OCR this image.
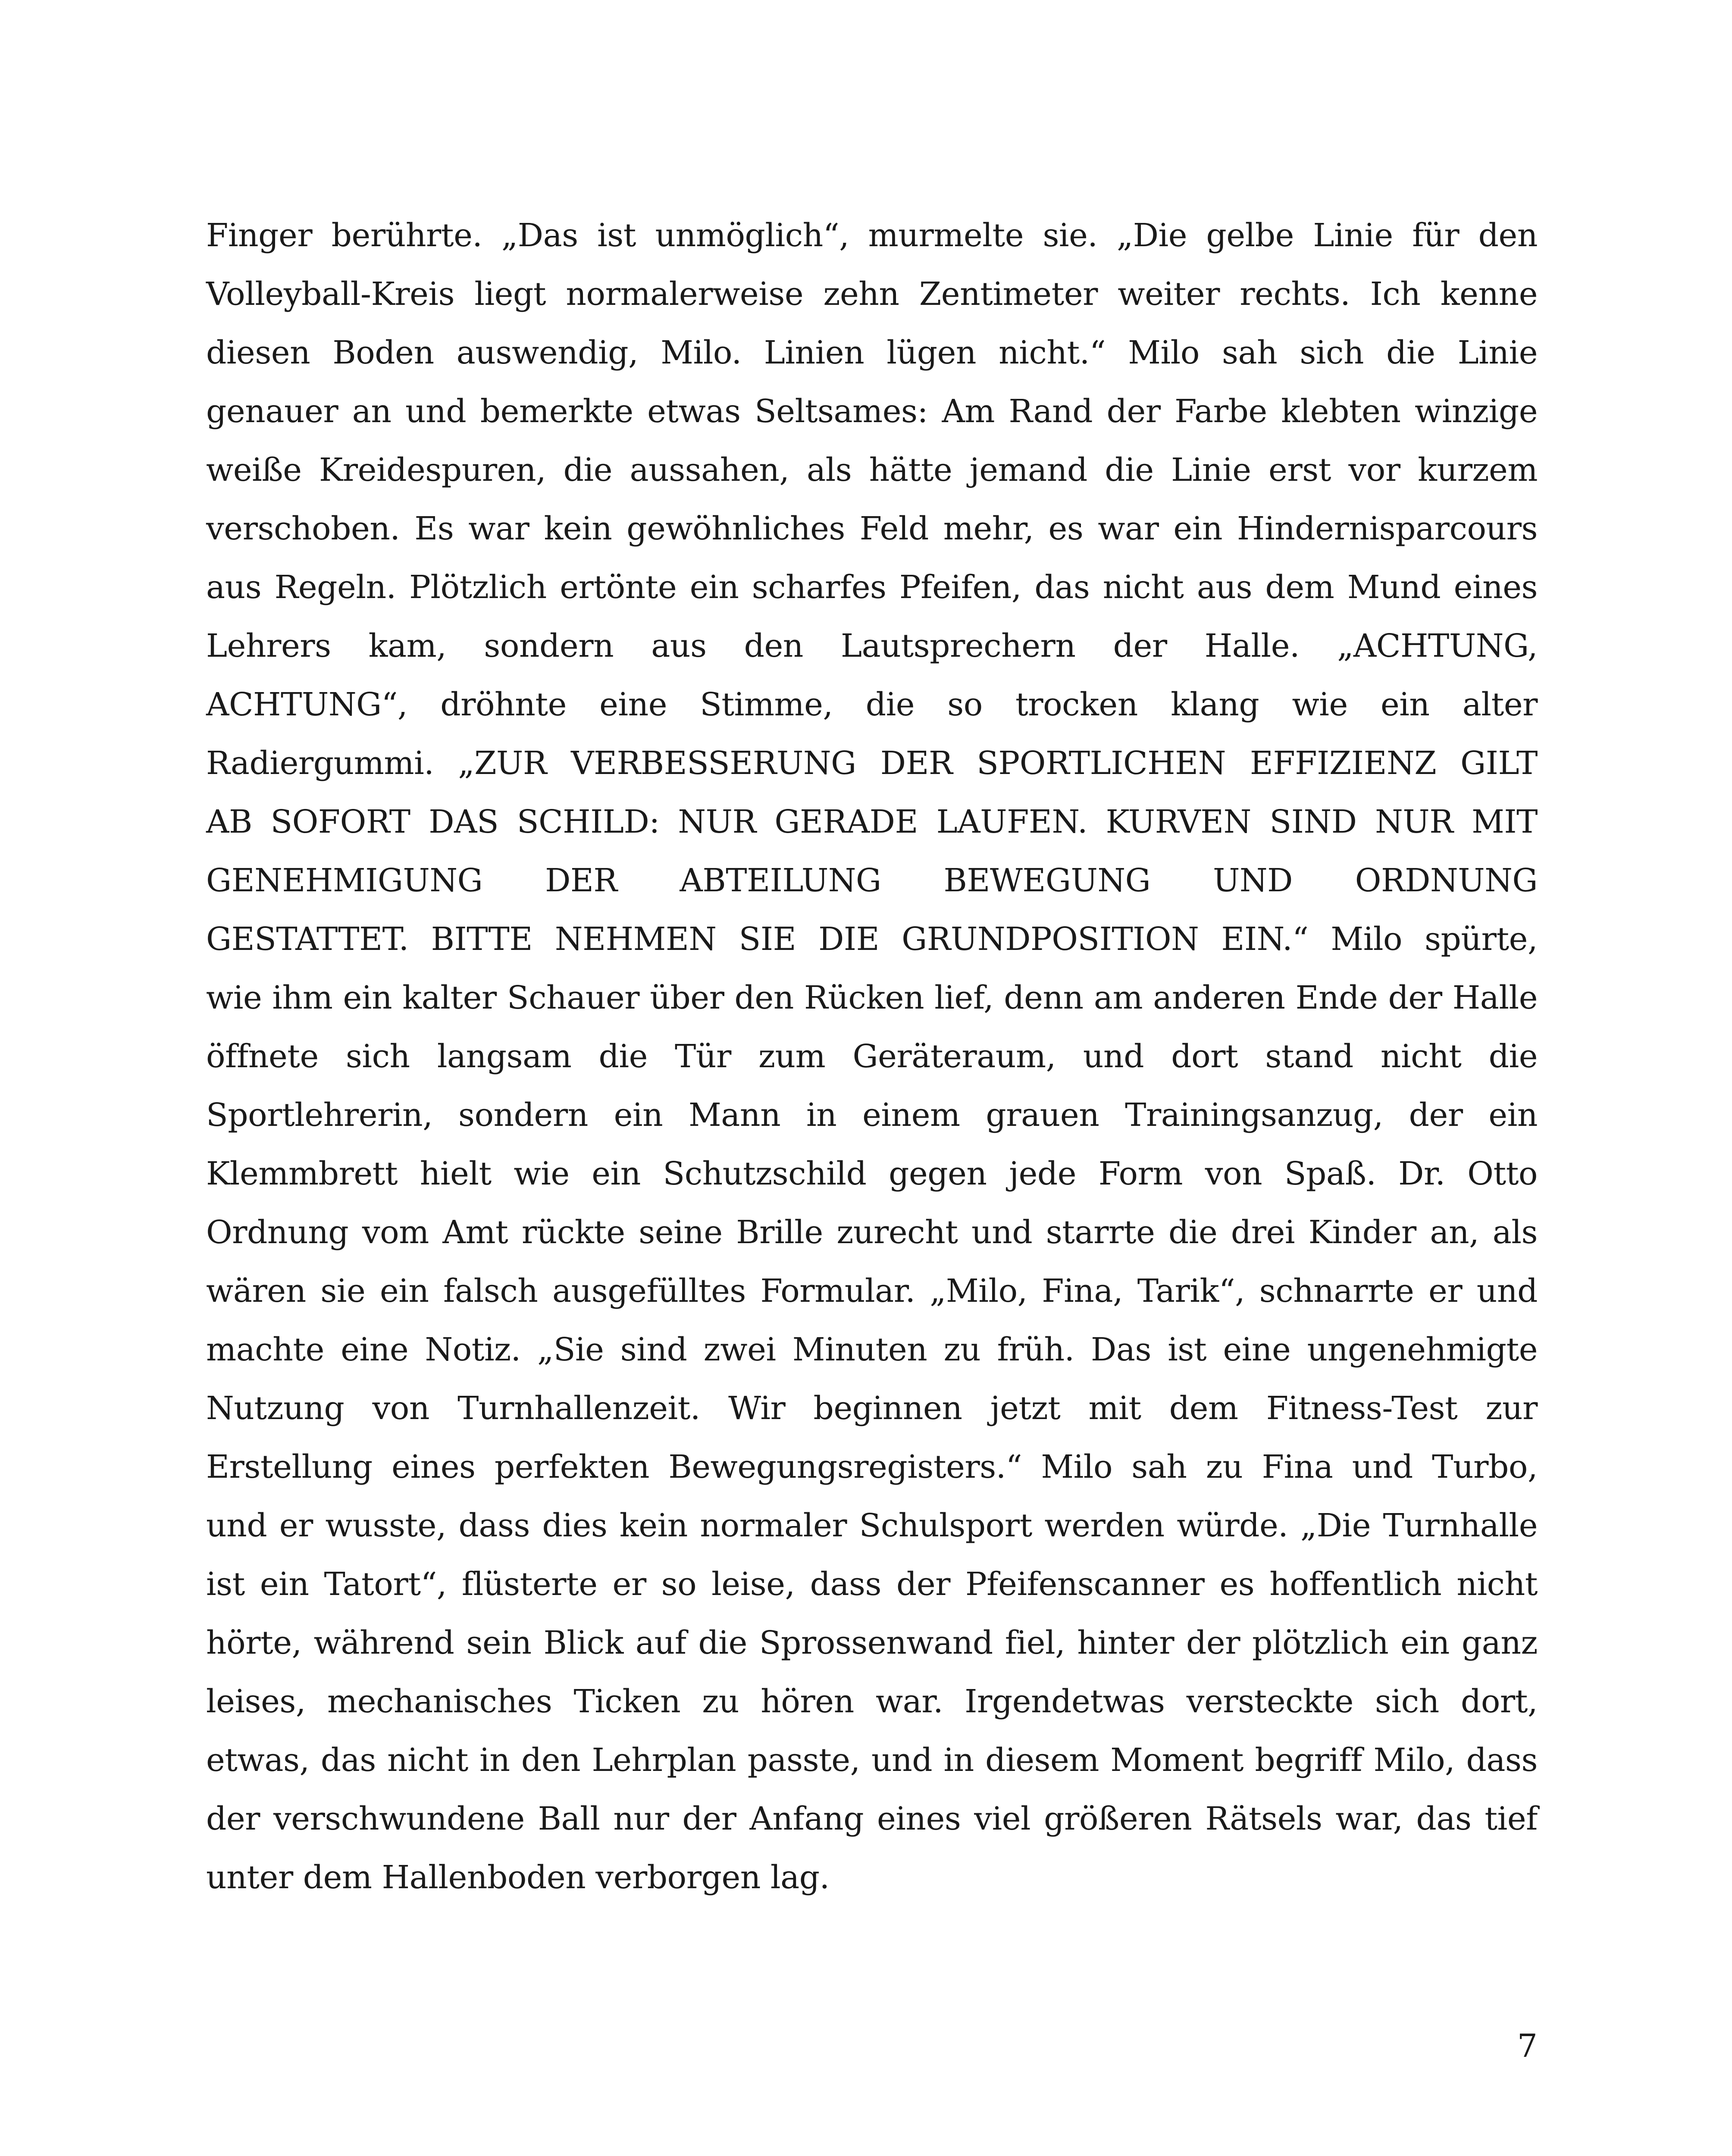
Finger berührte. „Das ist unmöglich“, murmelte sie. „Die gelbe Linie für den
Volleyball-Kreis liegt normalerweise zehn Zentimeter weiter rechts. Ich kenne
diesen Boden auswendig, Milo. Linien lügen nicht.“ Milo sah sich die Linie
genauer an und bemerkte etwas Seltsames: Am Rand der Farbe klebten winzige
weiße Kreidespuren, die aussahen, als hätte jemand die Linie erst vor kurzem
verschoben. Es war kein gewöhnliches Feld mehr, es war ein Hindernisparcours
aus Regeln. Plötzlich ertönte ein scharfes Pfeifen, das nicht aus dem Mund eines
Lehrers kam, sondern aus den Lautsprechern der Halle. „ACHTUNG,
ACHTUNG“, dröhnte eine Stimme, die so trocken klang wie ein alter
Radiergummi. „ZUR VERBESSERUNG DER SPORTLICHEN EFFIZIENZ GILT
AB SOFORT DAS SCHILD: NUR GERADE LAUFEN. KURVEN SIND NUR MIT
GENEHMIGUNG DER ABTEILUNG BEWEGUNG UND ORDNUNG
GESTATTET. BITTE NEHMEN SIE DIE GRUNDPOSITION EIN.“ Milo spürte,
wie ihm ein kalter Schauer über den Rücken lief, denn am anderen Ende der Halle
öffnete sich langsam die Tür zum Geräteraum, und dort stand nicht die
Sportlehrerin, sondern ein Mann in einem grauen Trainingsanzug, der ein
Klemmbrett hielt wie ein Schutzschild gegen jede Form von Spaß. Dr. Otto
Ordnung vom Amt rückte seine Brille zurecht und starrte die drei Kinder an, als
wären sie ein falsch ausgefülltes Formular. „Milo, Fina, Tarik“, schnarrte er und
machte eine Notiz. „Sie sind zwei Minuten zu früh. Das ist eine ungenehmigte
Nutzung von Turnhallenzeit. Wir beginnen jetzt mit dem Fitness-Test zur
Erstellung eines perfekten Bewegungsregisters.“ Milo sah zu Fina und Turbo,
und er wusste, dass dies kein normaler Schulsport werden würde. „Die Turnhalle
ist ein Tatort“, flüsterte er so leise, dass der Pfeifenscanner es hoffentlich nicht
hörte, während sein Blick auf die Sprossenwand fiel, hinter der plötzlich ein ganz
leises, mechanisches Ticken zu hören war. Irgendetwas versteckte sich dort,
etwas, das nicht in den Lehrplan passte, und in diesem Moment begriff Milo, dass
der verschwundene Ball nur der Anfang eines viel größeren Rätsels war, das tief
unter dem Hallenboden verborgen lag.
7
